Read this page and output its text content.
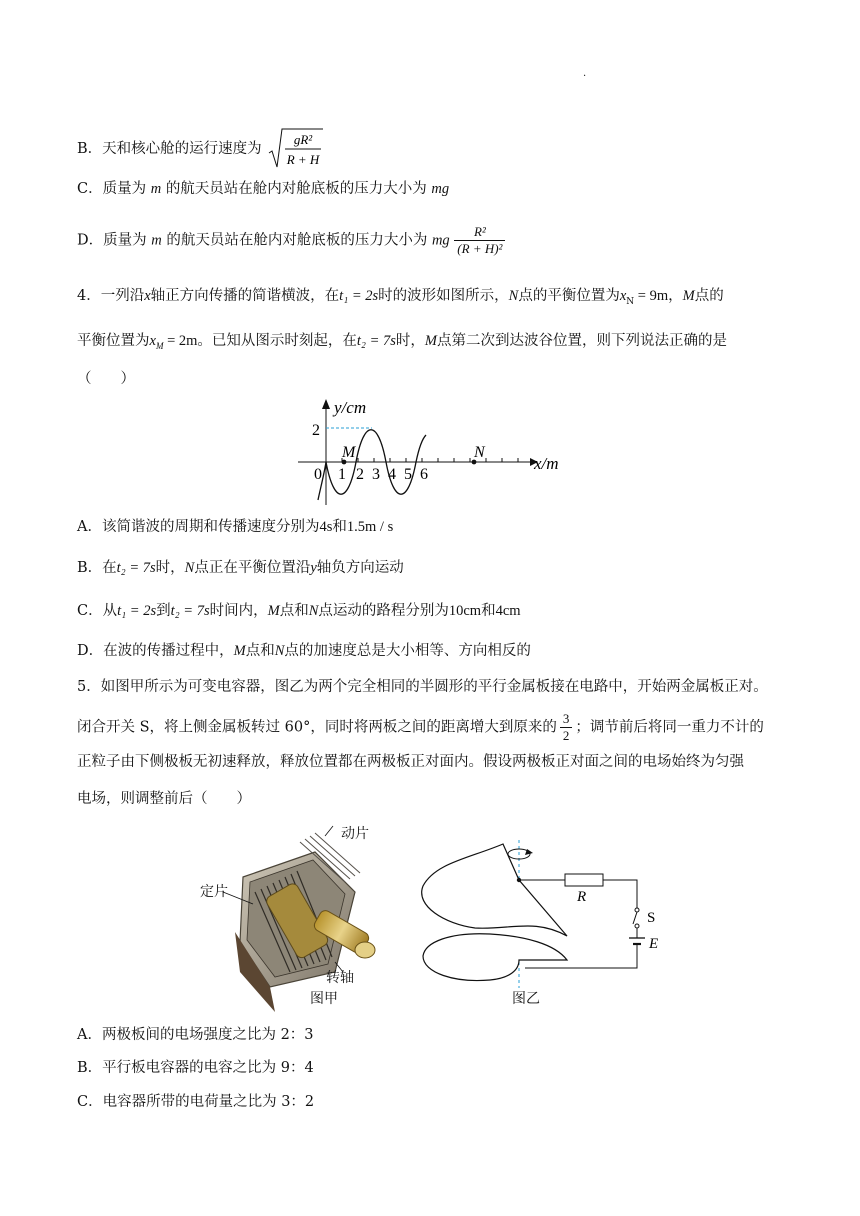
.
B．天和核心舱的运行速度为
gR²
R + H
C．质量为 m 的航天员站在舱内对舱底板的压力大小为 mg
D．质量为 m 的航天员站在舱内对舱底板的压力大小为 mg $\frac{\text{R²}}{\text{(R + H)²}}$
4．一列沿x轴正方向传播的简谐横波，在t₁ = 2s时的波形如图所示，N点的平衡位置为$x_N = 9m$，M点的
平衡位置为$x_M = 2m$。已知从图示时刻起，在t₂ = 7s时，M点第二次到达波谷位置，则下列说法正确的是
（　　）
y/cm
2
0 1 2 3 4 5 6
M	N
x/m
A．该简谐波的周期和传播速度分别为4s和1.5m / s
B．在t₂ = 7s时，N点正在平衡位置沿y轴负方向运动
C．从t₁ = 2s到t₂ = 7s时间内，M点和N点运动的路程分别为10cm和4cm
D．在波的传播过程中，M点和N点的加速度总是大小相等、方向相反的
5．如图甲所示为可变电容器，图乙为两个完全相同的半圆形的平行金属板接在电路中，开始两金属板正对。
闭合开关 S，将上侧金属板转过 60°，同时将两板之间的距离增大到原来的 $\frac{3}{2}$ ；调节前后将同一重力不计的
正粒子由下侧极板无初速释放，释放位置都在两极板正对面内。假设两极板正对面之间的电场始终为匀强
电场，则调整前后（　　）
动片
定片
转轴
图甲
R
S
E
图乙
A．两极板间的电场强度之比为 2：3
B．平行板电容器的电容之比为 9：4
C．电容器所带的电荷量之比为 3：2
